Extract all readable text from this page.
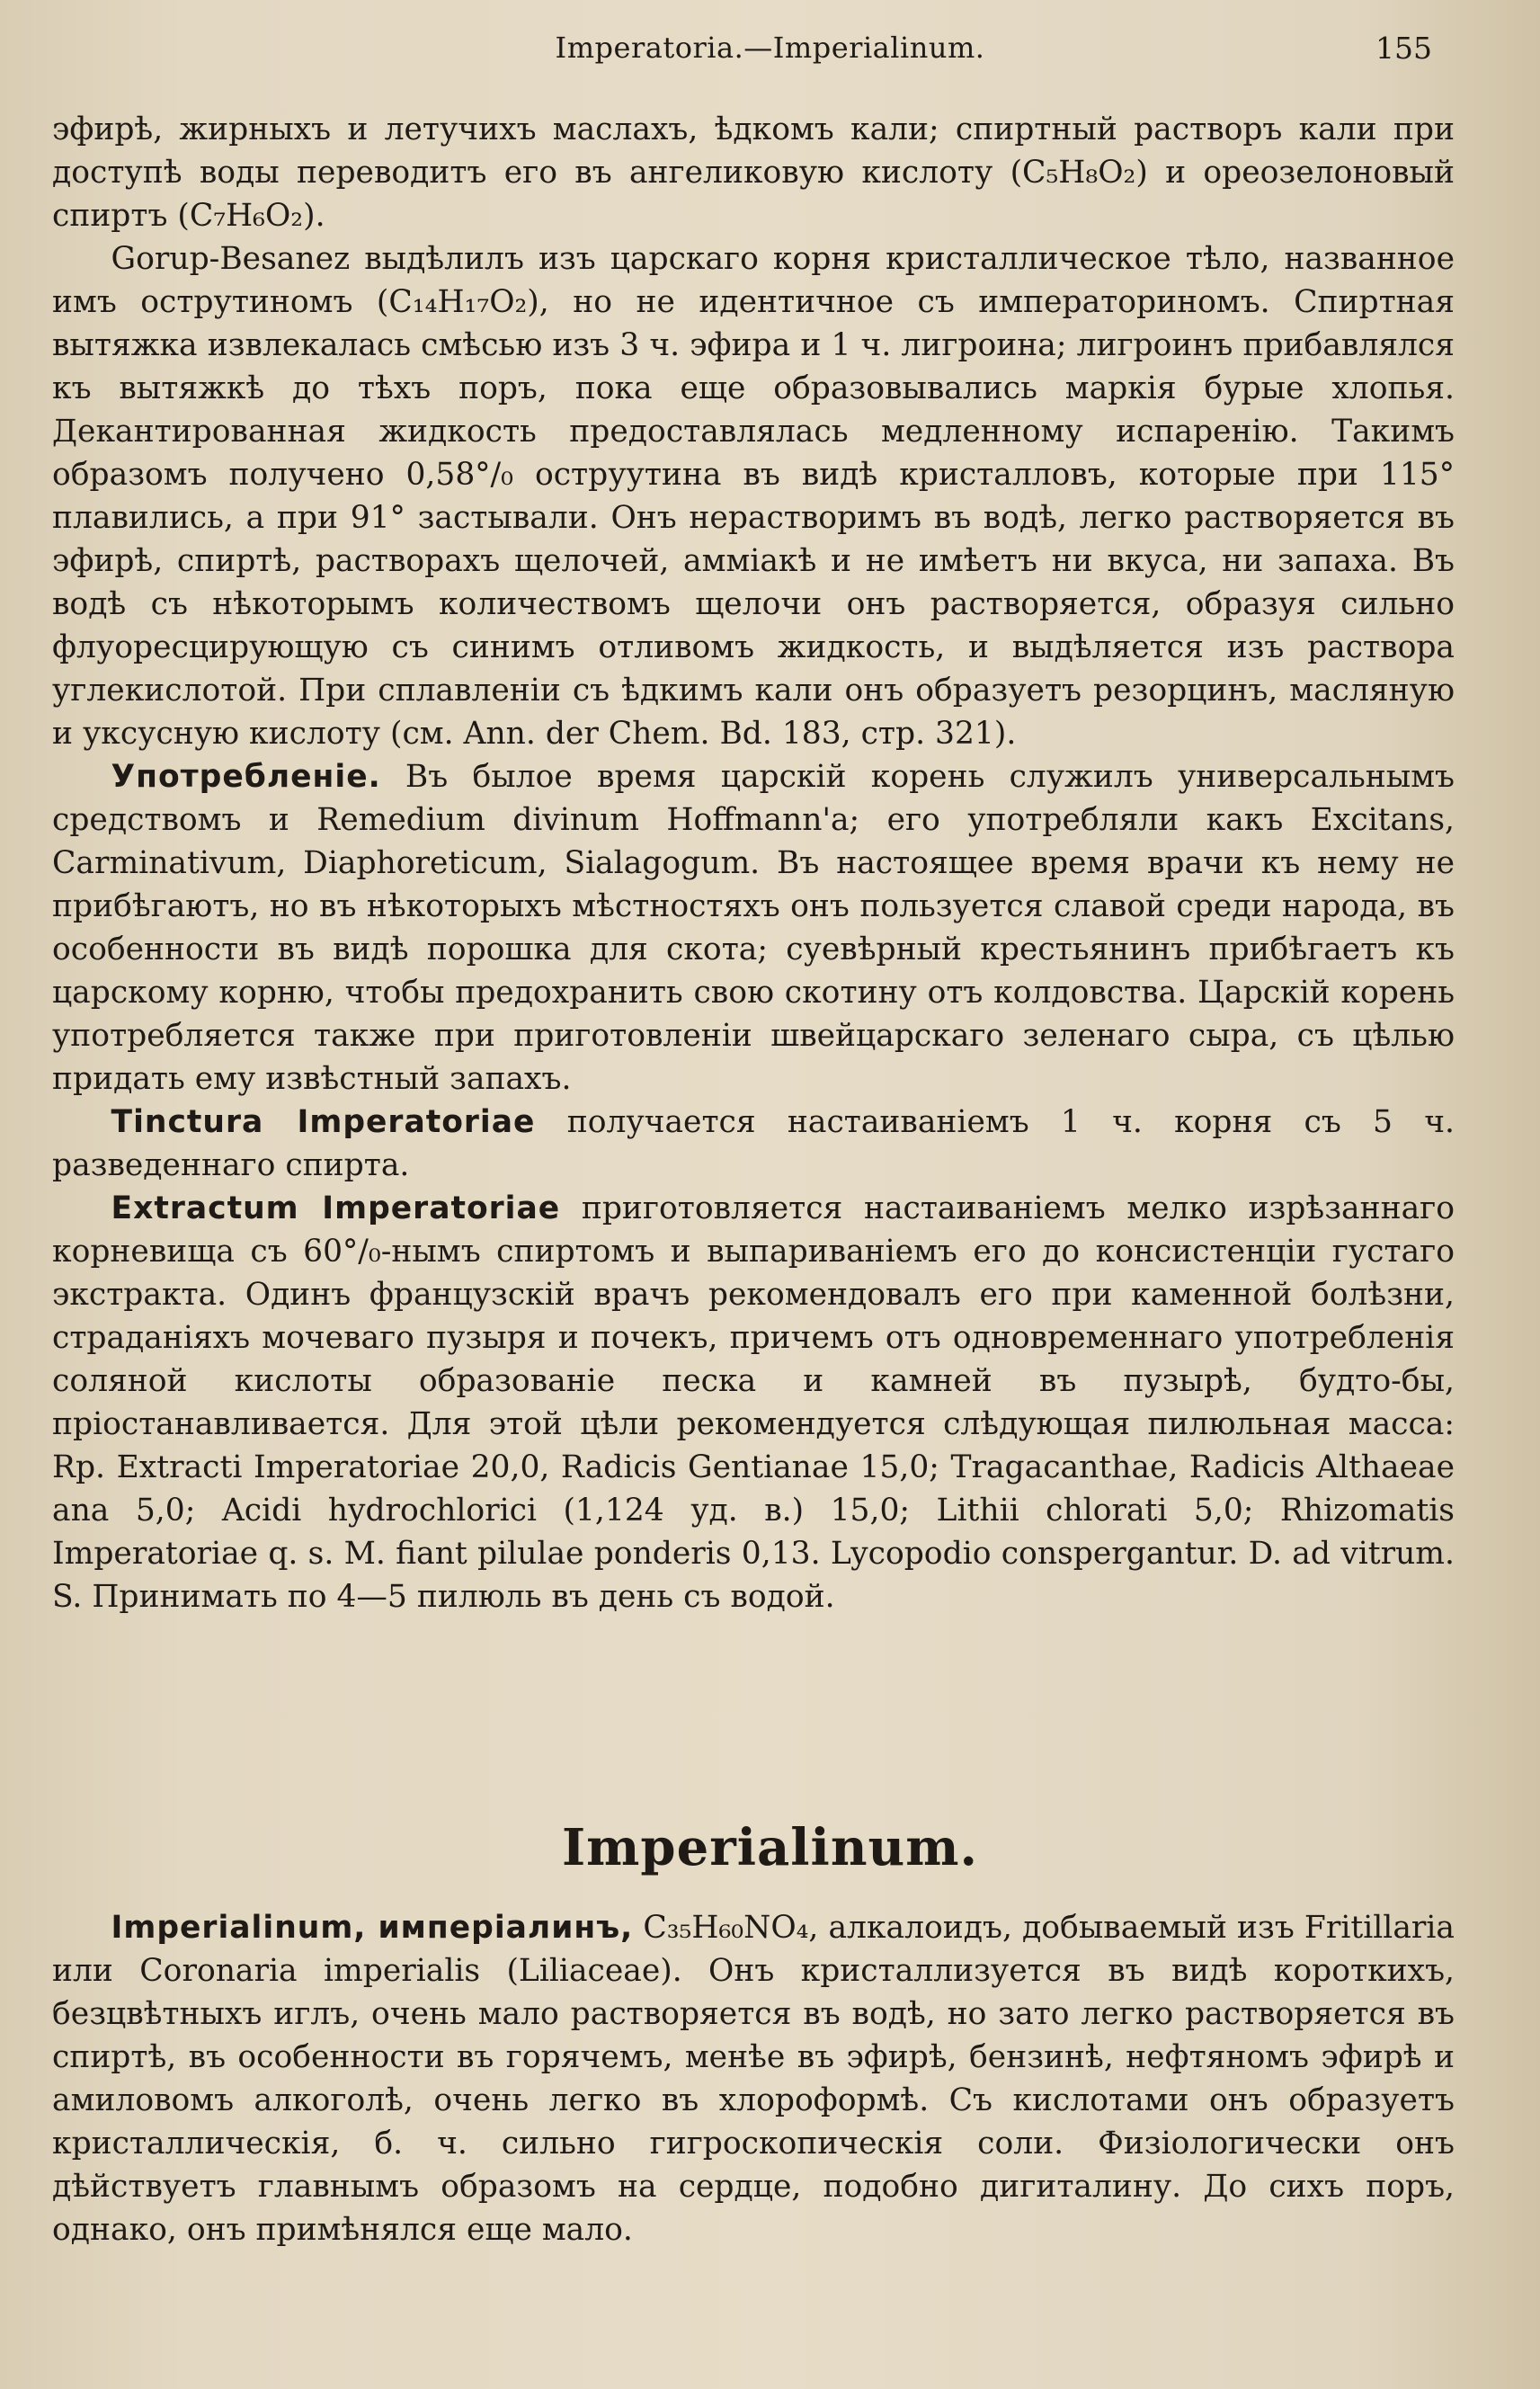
Imperatoria.—Imperialinum.	155

эфирѣ, жирныхъ и летучихъ маслахъ, ѣдкомъ кали; спиртный растворъ кали при доступѣ воды переводитъ его въ ангеликовую кислоту (C₅H₈O₂) и ореозелоновый спиртъ (C₇H₆O₂).

Gorup-Besanez выдѣлилъ изъ царскаго корня кристаллическое тѣло, названное имъ острутиномъ (C₁₄H₁₇O₂), но не идентичное съ императориномъ. Спиртная вытяжка извлекалась смѣсью изъ 3 ч. эфира и 1 ч. лигроина; лигроинъ прибавлялся къ вытяжкѣ до тѣхъ поръ, пока еще образовывались маркія бурые хлопья. Декантированная жидкость предоставлялась медленному испаренію. Такимъ образомъ получено 0,58°/₀ оструутина въ видѣ кристалловъ, которые при 115° плавились, а при 91° застывали. Онъ нерастворимъ въ водѣ, легко растворяется въ эфирѣ, спиртѣ, растворахъ щелочей, амміакѣ и не имѣетъ ни вкуса, ни запаха. Въ водѣ съ нѣкоторымъ количествомъ щелочи онъ растворяется, образуя сильно флуоресцирующую съ синимъ отливомъ жидкость, и выдѣляется изъ раствора углекислотой. При сплавленіи съ ѣдкимъ кали онъ образуетъ резорцинъ, масляную и уксусную кислоту (см. Ann. der Chem. Bd. 183, стр. 321).

Употребленіе. Въ былое время царскій корень служилъ универсальнымъ средствомъ и Remedium divinum Hoffmann'a; его употребляли какъ Excitans, Carminativum, Diaphoreticum, Sialagogum. Въ настоящее время врачи къ нему не прибѣгаютъ, но въ нѣкоторыхъ мѣстностяхъ онъ пользуется славой среди народа, въ особенности въ видѣ порошка для скота; суевѣрный крестьянинъ прибѣгаетъ къ царскому корню, чтобы предохранить свою скотину отъ колдовства. Царскій корень употребляется также при приготовленіи швейцарскаго зеленаго сыра, съ цѣлью придать ему извѣстный запахъ.

Tinctura Imperatoriae получается настаиваніемъ 1 ч. корня съ 5 ч. разведеннаго спирта.

Extractum Imperatoriae приготовляется настаиваніемъ мелко изрѣзаннаго корневища съ 60°/₀-нымъ спиртомъ и выпариваніемъ его до консистенціи густаго экстракта. Одинъ французскій врачъ рекомендовалъ его при каменной болѣзни, страданіяхъ мочеваго пузыря и почекъ, причемъ отъ одновременнаго употребленія соляной кислоты образованіе песка и камней въ пузырѣ, будто-бы, пріостанавливается. Для этой цѣли рекомендуется слѣдующая пилюльная масса: Rp. Extracti Imperatoriae 20,0, Radicis Gentianae 15,0; Tragacanthae, Radicis Althaeae ana 5,0; Acidi hydrochlorici (1,124 уд. в.) 15,0; Lithii chlorati 5,0; Rhizomatis Imperatoriae q. s. M. fiant pilulae ponderis 0,13. Lycopodio conspergantur. D. ad vitrum. S. Принимать по 4—5 пилюль въ день съ водой.

Imperialinum.

Imperialinum, имперіалинъ, C₃₅H₆₀NO₄, алкалоидъ, добываемый изъ Fritillaria или Coronaria imperialis (Liliaceae). Онъ кристаллизуется въ видѣ короткихъ, безцвѣтныхъ иглъ, очень мало растворяется въ водѣ, но зато легко растворяется въ спиртѣ, въ особенности въ горячемъ, менѣе въ эфирѣ, бензинѣ, нефтяномъ эфирѣ и амиловомъ алкоголѣ, очень легко въ хлороформѣ. Съ кислотами онъ образуетъ кристаллическія, б. ч. сильно гигроскопическія соли. Физіологически онъ дѣйствуетъ главнымъ образомъ на сердце, подобно дигиталину. До сихъ поръ, однако, онъ примѣнялся еще мало.
